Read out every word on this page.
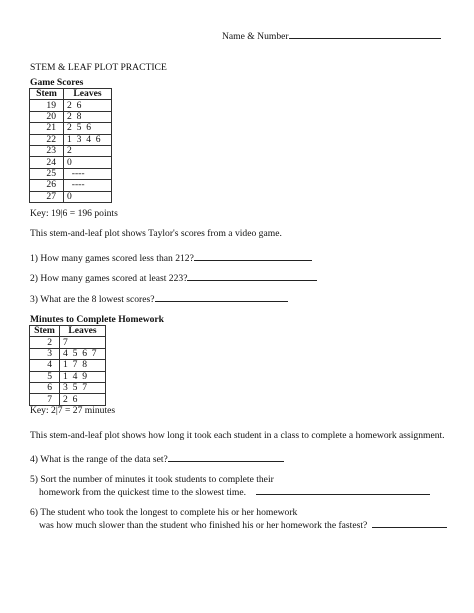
Name & Number
STEM & LEAF PLOT PRACTICE
Game Scores
Stem	Leaves
19	2  6
20	2  8
21	2  5  6
22	1  3  4  6
23	2
24	0
25	----
26	----
27	0
Key: 19|6 = 196 points
This stem-and-leaf plot shows Taylor's scores from a video game.
1) How many games scored less than 212?
2) How many games scored at least 223?
3) What are the 8 lowest scores?
Minutes to Complete Homework
Stem	Leaves
2	7
3	4  5  6  7
4	1  7  8
5	1  4  9
6	3  5  7
7	2  6
Key: 2|7 = 27 minutes
This stem-and-leaf plot shows how long it took each student in a class to complete a homework assignment.
4) What is the range of the data set?
5) Sort the number of minutes it took students to complete their
homework from the quickest time to the slowest time.
6) The student who took the longest to complete his or her homework
was how much slower than the student who finished his or her homework the fastest?
